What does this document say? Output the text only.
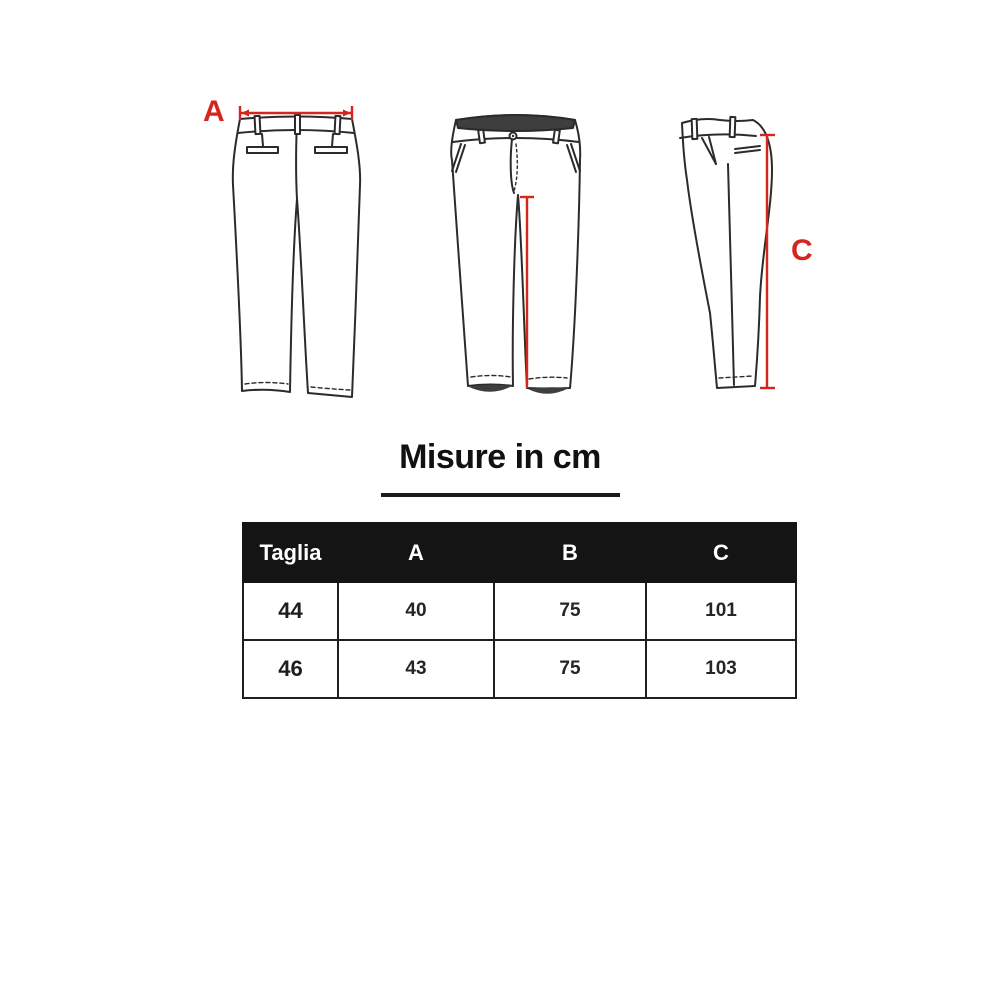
A
C
Misure in cm
Taglia	A	B	C
44	40	75	101
46	43	75	103
